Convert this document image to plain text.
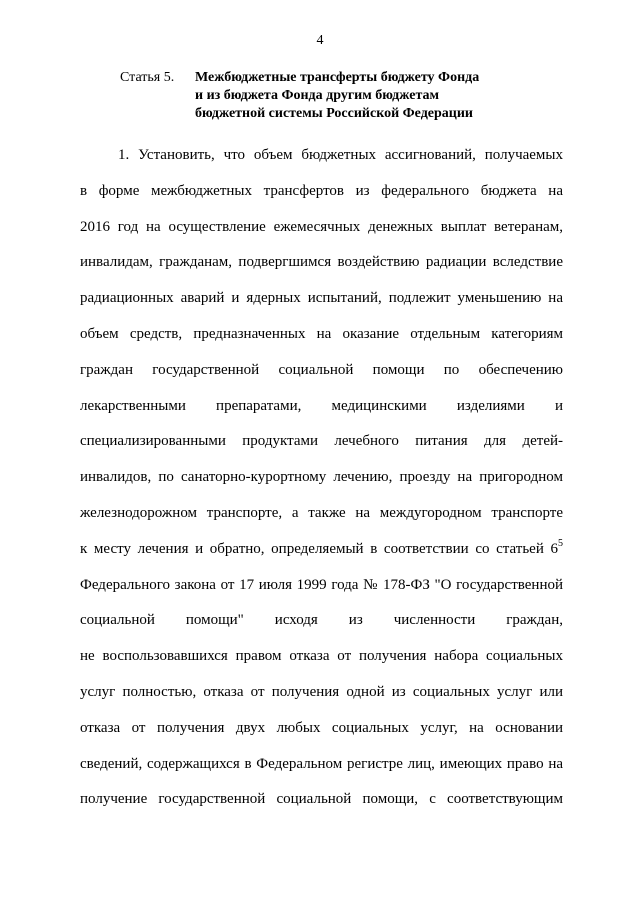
4
Статья 5.	Межбюджетные трансферты бюджету Фонда
и из бюджета Фонда другим бюджетам
бюджетной системы Российской Федерации
1. Установить, что объем бюджетных ассигнований, получаемых
в форме межбюджетных трансфертов из федерального бюджета на
2016 год на осуществление ежемесячных денежных выплат ветеранам,
инвалидам, гражданам, подвергшимся воздействию радиации вследствие
радиационных аварий и ядерных испытаний, подлежит уменьшению на
объем средств, предназначенных на оказание отдельным категориям
граждан государственной социальной помощи по обеспечению
лекарственными препаратами, медицинскими изделиями и
специализированными продуктами лечебного питания для детей-
инвалидов, по санаторно-курортному лечению, проезду на пригородном
железнодорожном транспорте, а также на междугородном транспорте
к месту лечения и обратно, определяемый в соответствии со статьей $6^5$
Федерального закона от 17 июля 1999 года № 178-ФЗ "О государственной
социальной помощи" исходя из численности граждан,
не воспользовавшихся правом отказа от получения набора социальных
услуг полностью, отказа от получения одной из социальных услуг или
отказа от получения двух любых социальных услуг, на основании
сведений, содержащихся в Федеральном регистре лиц, имеющих право на
получение государственной социальной помощи, с соответствующим
